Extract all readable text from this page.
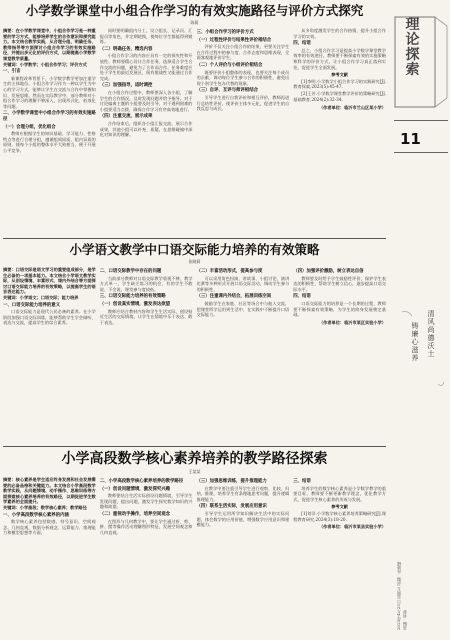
小学数学课堂中小组合作学习的有效实施路径与评价方式探究
陈莉
摘要：在小学数学课堂中，小组合作学习是一种重要的学习方式，能够培养学生的合作意识和探究能力。本文结合教学实践，从合理分组、明确任务、教师指导等方面探讨小组合作学习的有效实施路径，并提出多元化的评价方式，以期提高小学数学课堂教学质量。
关键词：小学数学；小组合作学习；评价方式
一、引言

新课程改革背景下，小学数学教学更加注重学生的主体地位。小组合作学习作为一种以学生为中心的学习方式，能够让学生在交流与合作中掌握知识、发展思维。然而在实际教学中，部分教师对小组合作学习的理解不够深入，出现形式化、低效化等问题。

二、小学数学课堂中小组合作学习的有效实施路径
（一）合理分组，优化组合

教师应根据学生的知识基础、学习能力、性格特点等进行合理分组，遵循组间同质、组内异质的原则，使每个小组的整体水平大致相当，便于开展公平竞争。

同时要明确组内分工，设立组长、记录员、汇报员等角色，并定期轮换，使每位学生都能得到锻炼。

（二）明确任务，精选内容

小组合作学习的内容应具有一定的探究性和开放性。教师要精心设计合作任务，选择适合学生合作交流的问题，避免为了合作而合作。任务难度应处于学生的最近发展区，既有挑战性又能通过合作完成。

（三）加强指导，适时调控

在小组合作过程中，教师要深入各小组，了解学生的合作情况，及时发现问题并给予指导。对于讨论偏离主题的小组要及时引导，对于遇到困难的小组要适当点拨，确保合作学习有序高效地进行。

（四）注重交流，展示成果

合作结束后，组织各小组汇报交流，展示合作成果，其他小组可以补充、质疑，在思维碰撞中深化对知识的理解。

三、小组合作学习的评价方式
（一）过程性评价与结果性评价相结合

评价不仅关注小组合作的结果，更要关注学生在合作过程中的参与度、合作态度和思维表现，全面客观地评价学生。

（二）个人评价与小组评价相结合

既要评价小组整体的表现，也要关注每个成员的贡献，调动每位学生参与合作的积极性，避免出现个别学生包办代替的现象。

（三）自评、互评与师评相结合

引导学生进行自我评价和相互评价，教师再进行总结性评价，使评价主体多元化，促进学生的自我反思与成长。

从多角度激发学生的合作热情，提升小组合作学习的实效。

四、结语

总之，小组合作学习是提高小学数学课堂教学效率的有效途径。教师要不断探索有效的实施策略和科学的评价方式，让小组合作学习真正落到实处，促进学生全面发展。

参考文献

[1]李明.小学数学小组合作学习的实践研究[J].教育探索,2023(5):45-47.

[2]王芳.小学数学课堂教学评价的策略研究[J].基础教育,2024(2):32-34.

（作者单位：临沂市兰山区某小学）
小学语文教学中口语交际能力培养的有效策略
张晓莉
摘要：口语交际是语文学习的重要组成部分，是学生必备的一项基本能力。本文结合小学语文教学实际，从创设情境、丰富形式、课内外结合等方面探讨口语交际能力培养的有效策略，以提高学生的语言表达能力。
关键词：小学语文；口语交际；能力培养
一、口语交际能力培养的意义

口语交际能力是现代公民必备的素养。在小学阶段加强口语交际训练，能够帮助学生学会倾听、表达与交流，提高学生的综合素养。

二、口语交际教学中存在的问题

当前部分教师对口语交际教学重视不够，教学方式单一，学生缺乏练习的机会，有的学生不敢说、不会说，课堂参与度较低。

三、口语交际能力培养的有效策略
（一）创设真实情境，激发表达欲望

教师应结合教材内容和学生生活实际，创设贴近生活的交际情境，让学生在情境中乐于表达、敢于表达。

（二）丰富活动形式，提高参与度

可以采用角色扮演、讲故事、小组讨论、演讲比赛等多种形式开展口语交际活动，调动学生参与的积极性。

（三）注重课内外结合，拓展训练空间

鼓励学生在家庭、社区等场合中与他人交流，把课堂所学运用到生活中，在实践中不断提升口语交际能力。

（四）加强评价激励，树立表达自信

教师要及时给予学生鼓励性评价，保护学生表达的积极性，帮助学生树立信心，逐步提高口语交际水平。

四、结语

口语交际能力的培养是一个长期的过程，教师要不断探索有效策略，为学生的终身发展奠定基础。

（作者单位：临沂市某区实验小学）
小学高段数学核心素养培养的教学路径探索
王某某
摘要：核心素养是学生适应终身发展和社会发展需要的必备品格和关键能力。本文结合小学高段数学教学实践，从问题情境、动手操作、思维训练等方面探索核心素养培养的有效路径，以期促进学生数学素养的全面提升。
关键词：小学高段；数学核心素养；教学路径
一、小学高段数学核心素养的内涵

数学核心素养包括数感、符号意识、空间观念、几何直观、数据分析观念、运算能力、推理能力和模型思想等方面。

二、小学高段数学核心素养培养的教学路径
（一）创设问题情境，激发探究兴趣

教师要结合生活实际创设问题情境，引导学生发现问题、提出问题，激发学生探究数学知识的兴趣和欲望。

（二）重视动手操作，培养空间观念

在图形与几何教学中，要让学生通过折、剪、拼、摆等操作活动理解图形特征，发展空间观念和几何直观。

（三）加强思维训练，提升推理能力

在教学中要注重引导学生进行观察、比较、归纳、推理，培养学生有条理地思考问题，提升逻辑推理能力。

（四）联系生活实际，发展应用意识

引导学生运用所学知识解决生活中的实际问题，体会数学的应用价值，增强数学应用意识和建模能力。

三、结语

培养学生的数学核心素养是小学数学教学的重要目标，教师要不断更新教学理念，优化教学方式，促进学生核心素养的形成与发展。

参考文献

[1]刘洋.小学数学核心素养培养策略研究[J].课程教育研究,2024(3):18-20.

（作者单位：临沂市某县实验小学）
理论探索
11
清风尚德沃土
铸廉心滋养
2025年4月25日 星期五 责编：孙晓峰 美编：刘泰
